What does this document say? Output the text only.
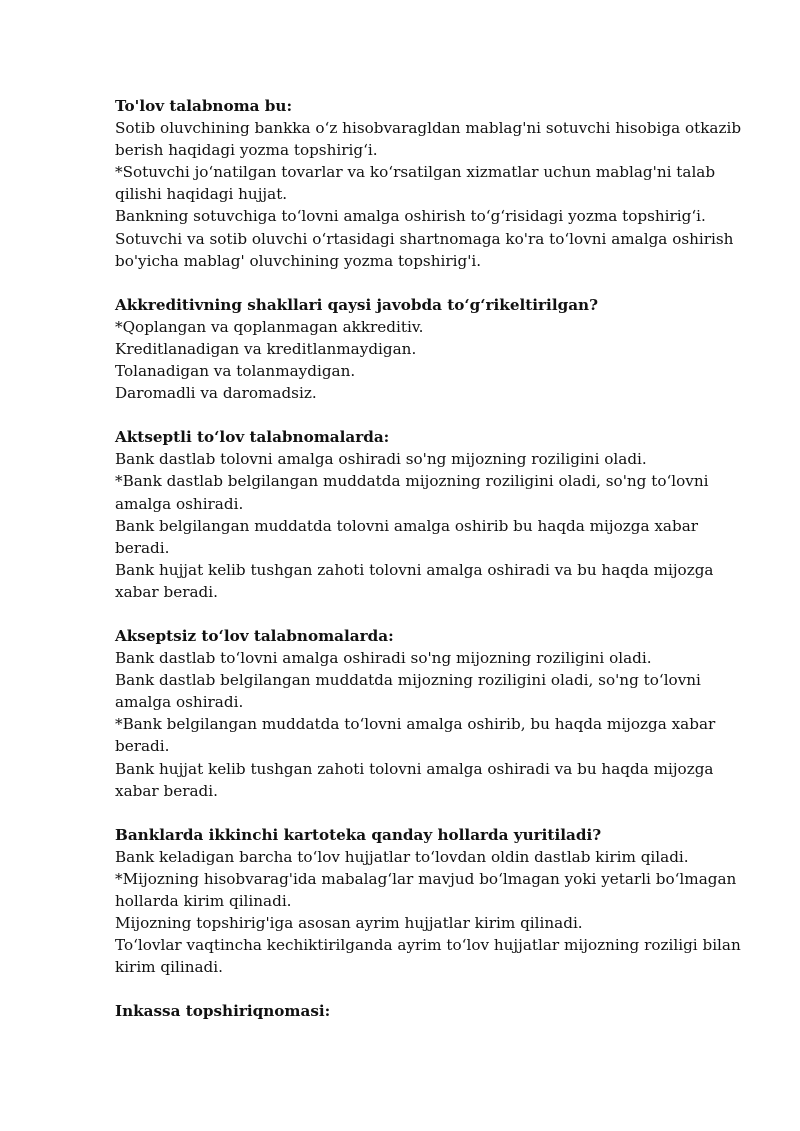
To'lov talabnoma bu:

Sotib oluvchining bankka oʻz hisobvaragldan mablag'ni sotuvchi hisobiga otkazib berish haqidagi yozma topshirigʻi.

*Sotuvchi joʻnatilgan tovarlar va koʻrsatilgan xizmatlar uchun mablag'ni talab qilishi haqidagi hujjat.

Bankning sotuvchiga toʻlovni amalga oshirish toʻgʻrisidagi yozma topshirigʻi.

Sotuvchi va sotib oluvchi oʻrtasidagi shartnomaga ko'ra toʻlovni amalga oshirish bo'yicha mablag' oluvchining yozma topshirig'i.

Akkreditivning shakllari qaysi javobda toʻgʻrikeltirilgan?

*Qoplangan va qoplanmagan akkreditiv.

Kreditlanadigan va kreditlanmaydigan.

Tolanadigan va tolanmaydigan.

Daromadli va daromadsiz.

Aktseptli toʻlov talabnomalarda:

Bank dastlab tolovni amalga oshiradi so'ng mijozning roziligini oladi.

*Bank dastlab belgilangan muddatda mijozning roziligini oladi, so'ng toʻlovni amalga oshiradi.

Bank belgilangan muddatda tolovni amalga oshirib bu haqda mijozga xabar beradi.

Bank hujjat kelib tushgan zahoti tolovni amalga oshiradi va bu haqda mijozga xabar beradi.

Akseptsiz toʻlov talabnomalarda:

Bank dastlab toʻlovni amalga oshiradi so'ng mijozning roziligini oladi.

Bank dastlab belgilangan muddatda mijozning roziligini oladi, so'ng toʻlovni amalga oshiradi.

*Bank belgilangan muddatda toʻlovni amalga oshirib, bu haqda mijozga xabar beradi.

Bank hujjat kelib tushgan zahoti tolovni amalga oshiradi va bu haqda mijozga xabar beradi.

Banklarda ikkinchi kartoteka qanday hollarda yuritiladi?

Bank keladigan barcha toʻlov hujjatlar toʻlovdan oldin dastlab kirim qiladi.

*Mijozning hisobvarag'ida mabalagʻlar mavjud boʻlmagan yoki yetarli boʻlmagan hollarda kirim qilinadi.

Mijozning topshirig'iga asosan ayrim hujjatlar kirim qilinadi.

Toʻlovlar vaqtincha kechiktirilganda ayrim toʻlov hujjatlar mijozning roziligi bilan kirim qilinadi.

Inkassa topshiriqnomasi:
